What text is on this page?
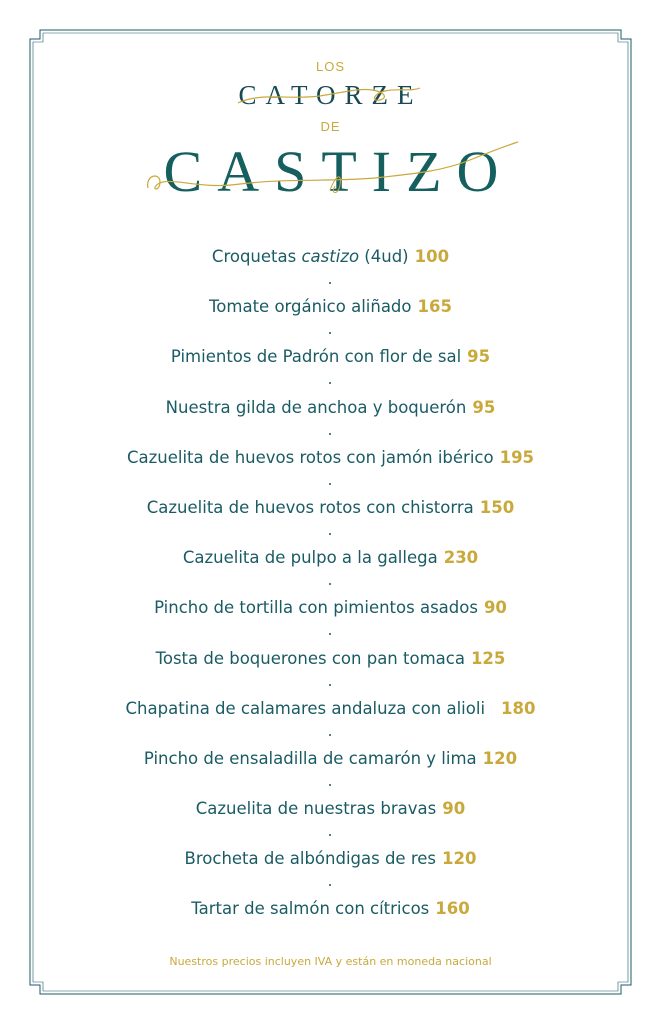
LOS
CATORZE
DE
CASTIZO
Croquetas castizo (4ud) 100
Tomate orgánico aliñado 165
Pimientos de Padrón con flor de sal 95
Nuestra gilda de anchoa y boquerón 95
Cazuelita de huevos rotos con jamón ibérico 195
Cazuelita de huevos rotos con chistorra 150
Cazuelita de pulpo a la gallega 230
Pincho de tortilla con pimientos asados 90
Tosta de boquerones con pan tomaca 125
Chapatina de calamares andaluza con alioli 180
Pincho de ensaladilla de camarón y lima 120
Cazuelita de nuestras bravas 90
Brocheta de albóndigas de res 120
Tartar de salmón con cítricos 160
Nuestros precios incluyen IVA y están en moneda nacional
